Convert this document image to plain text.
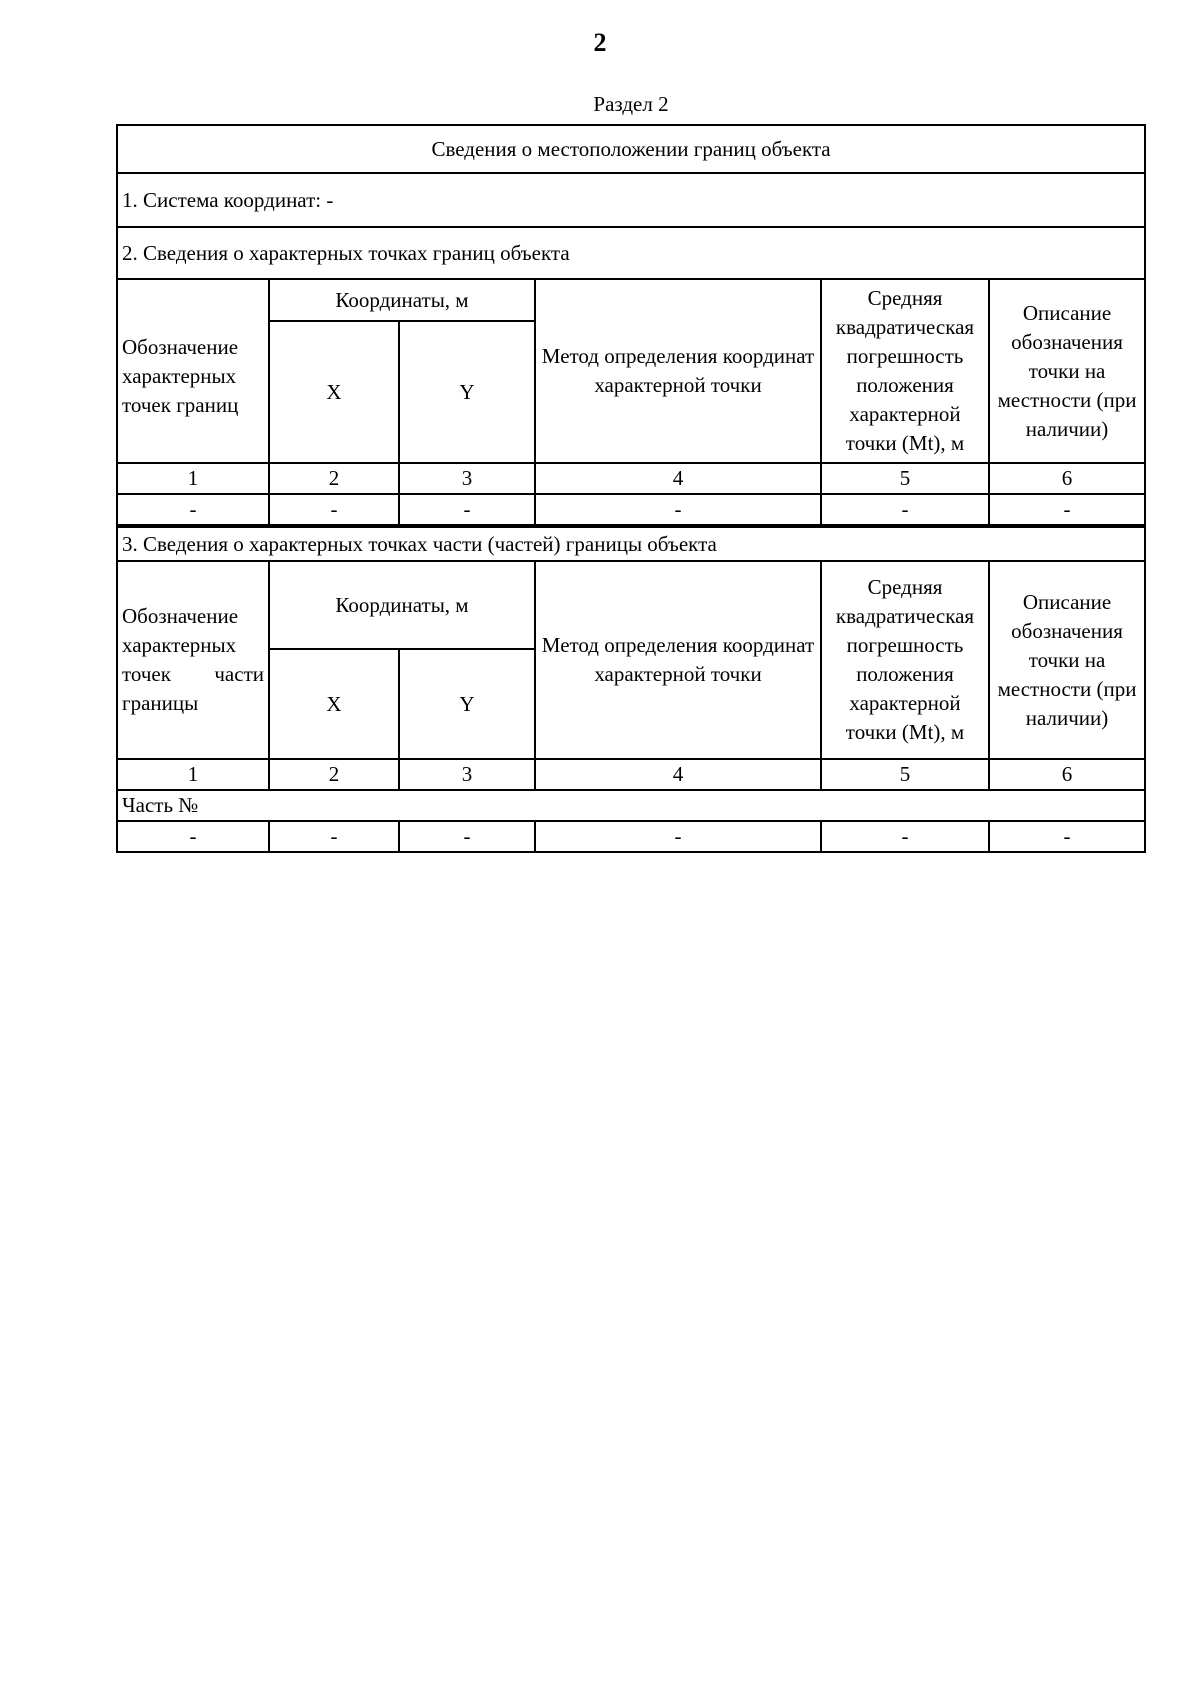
2
Раздел 2
Сведения о местоположении границ объекта					
1. Система координат: -					
2. Сведения о характерных точках границ объекта					
Обозначение характерных точек границ	Координаты, м		Метод определения координат характерной точки	Средняя квадратическая погрешность положения характерной точки (Mt), м	Описание обозначения точки на местности (при наличии)
	X	Y			
1	2	3	4	5	6
-	-	-	-	-	-
3. Сведения о характерных точках части (частей) границы объекта					

Обозначение
характерных
точек части
границы	Координаты, м		Метод определения координат характерной точки	Средняя квадратическая погрешность положения характерной точки (Mt), м	Описание обозначения точки на местности (при наличии)
	X	Y			
1	2	3	4	5	6
Часть №					
-	-	-	-	-	-
